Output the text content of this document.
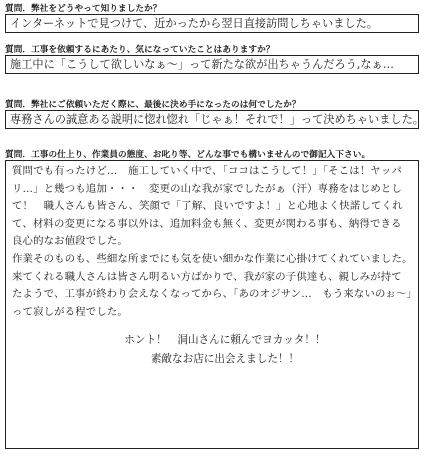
質問．弊社をどうやって知りましたか？
インターネットで見つけて、近かったから翌日直接訪問しちゃいました。
質問．工事を依頼するにあたり、気になっていたことはありますか？
施工中に「こうして欲しいなぁ～」って新たな欲が出ちゃうんだろう,なぁ…
質問．弊社にご依頼いただく際に、最後に決め手になったのは何でしたか？
専務さんの誠意ある説明に惚れ惚れ「じゃぁ！それで！」って決めちゃいました。
質問．工事の仕上り、作業員の態度、お叱り等、どんな事でも構いませんので御記入下さい。

質問でも有ったけど…　施工していく中で、「ココはこうして！」「そこは！ヤッパリ…」と幾つも追加・・・　変更の山な我が家でしたがぁ（汗）専務をはじめとして！　職人さんも皆さん、笑顔で「了解、良いですよ！」と心地よく快諾してくれて、材料の変更になる事以外は、追加料金も無く、変更が関わる事も、納得できる良心的なお値段でした。

作業そのものも、些細な所までにも気を使い細かな作業に心掛けてくれていました。　来てくれる職人さんは皆さん明るい方ばかりで、我が家の子供達も、親しみが持てたようで、工事が終わり会えなくなってから、「あのオジサン…　もう来ないのぉ～」って寂しがる程でした。

ホント！　洞山さんに頼んでヨカッタ！！
素敵なお店に出会えました！！
